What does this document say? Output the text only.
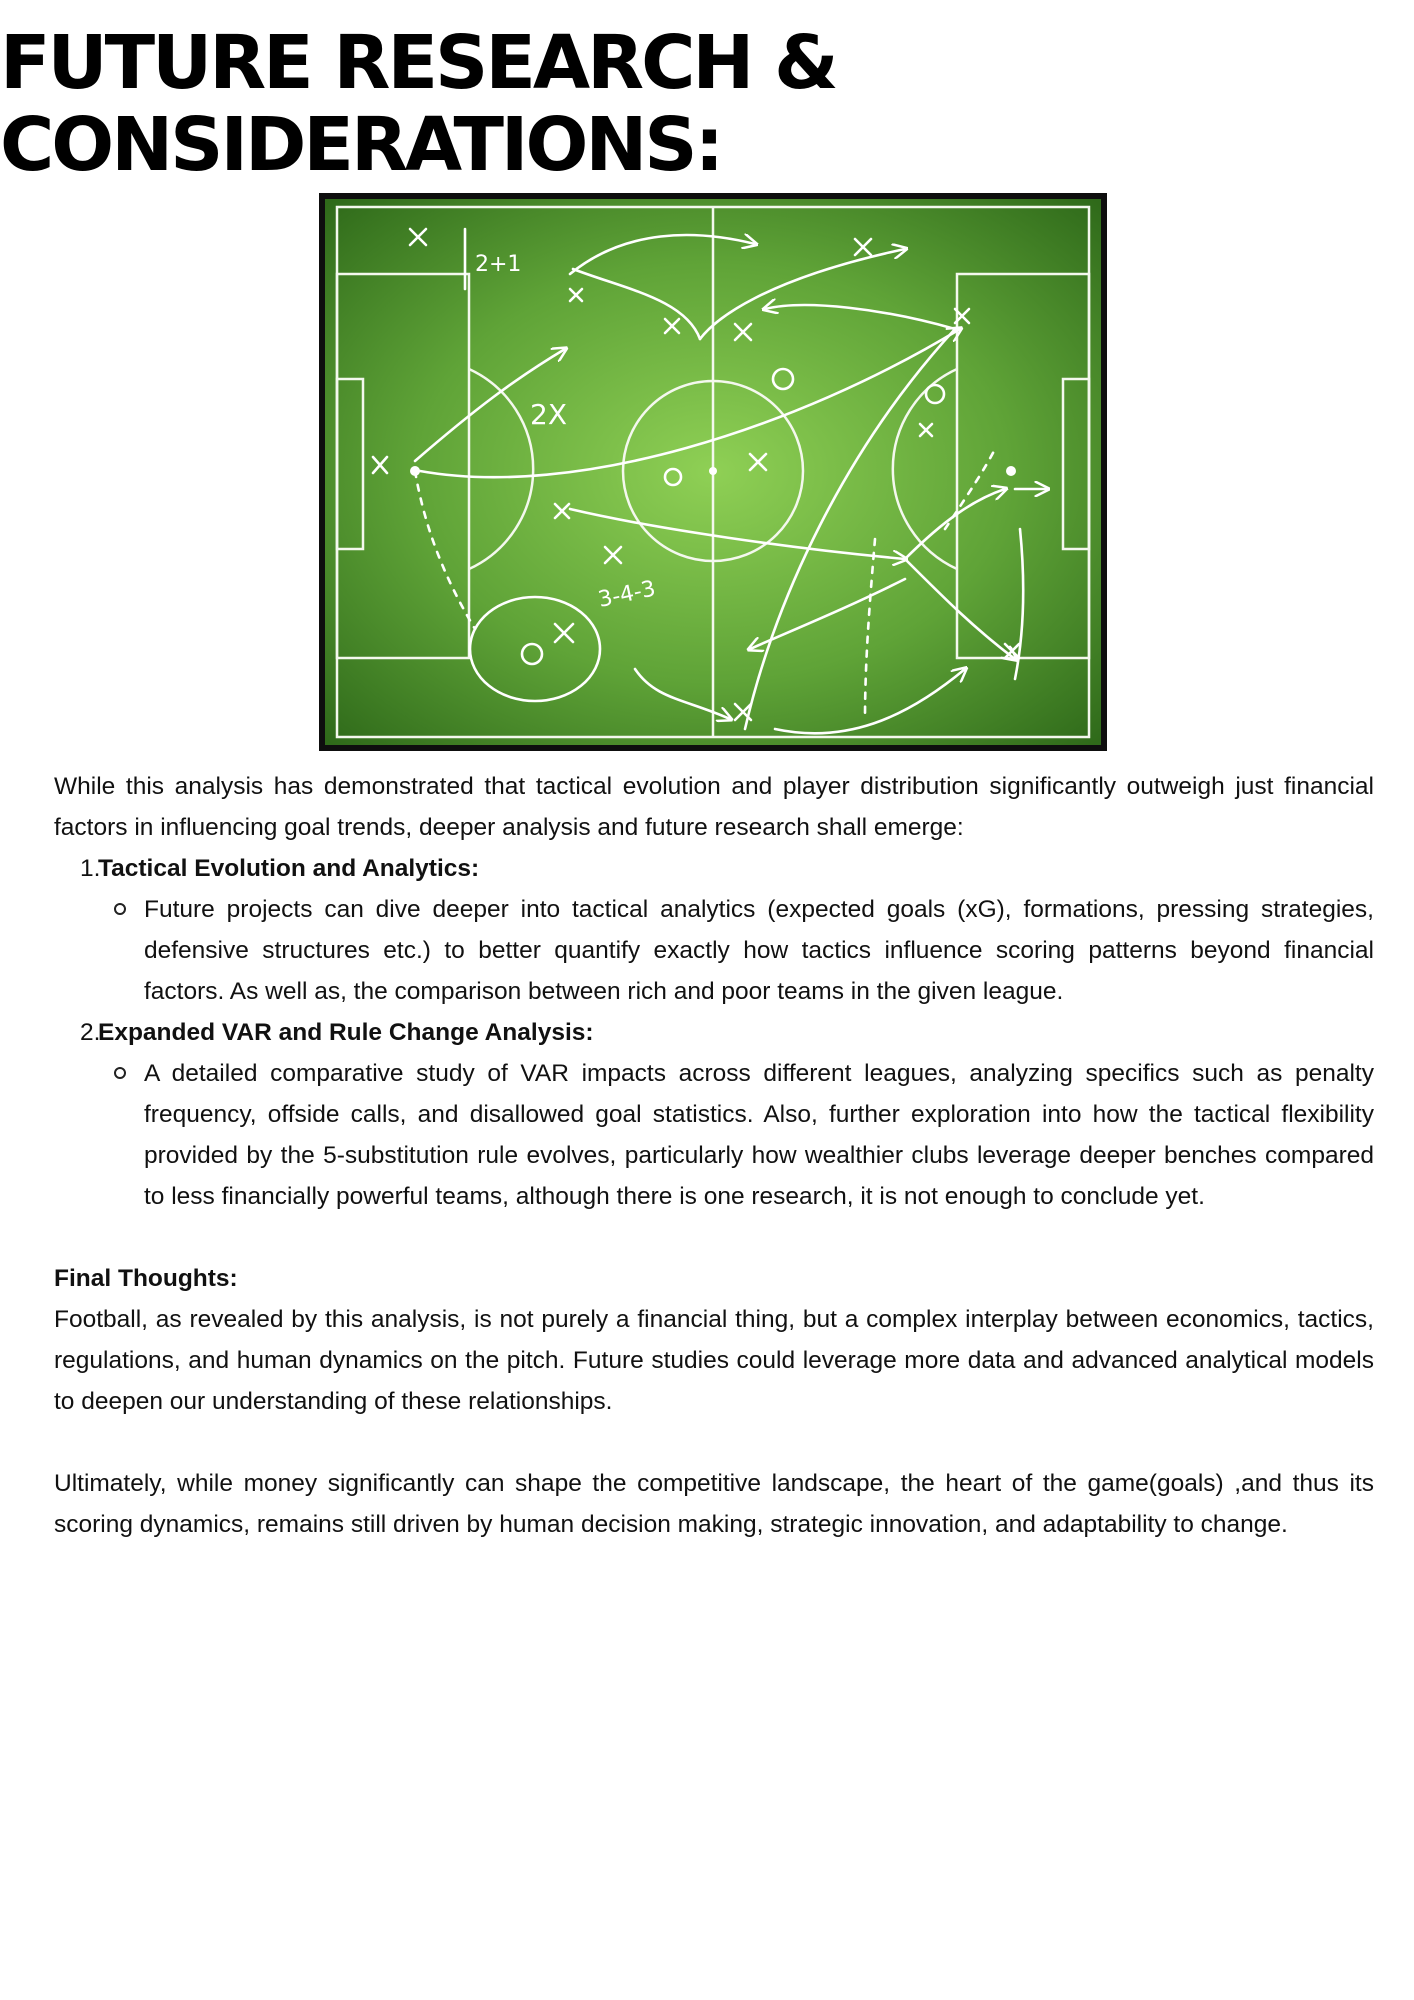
FUTURE RESEARCH &
CONSIDERATIONS:
2+1
2X
3-4-3

While this analysis has demonstrated that tactical evolution and player distribution significantly outweigh just financial factors in influencing goal trends, deeper analysis and future research shall emerge:

1.
Tactical Evolution and Analytics:
Future projects can dive deeper into tactical analytics (expected goals (xG), formations, pressing strategies, defensive structures etc.) to better quantify exactly how tactics influence scoring patterns beyond financial factors. As well as, the comparison between rich and poor teams in the given league.
2.
Expanded VAR and Rule Change Analysis:
A detailed comparative study of VAR impacts across different leagues, analyzing specifics such as penalty frequency, offside calls, and disallowed goal statistics. Also, further exploration into how the tactical flexibility provided by the 5-substitution rule evolves, particularly how wealthier clubs leverage deeper benches compared to less financially powerful teams, although there is one research, it is not enough to conclude yet.

Final Thoughts:

Football, as revealed by this analysis, is not purely a financial thing, but a complex interplay between economics, tactics, regulations, and human dynamics on the pitch. Future studies could leverage more data and advanced analytical models to deepen our understanding of these relationships.

Ultimately, while money significantly can shape the competitive landscape, the heart of the game(goals) ,and thus its scoring dynamics, remains still driven by human decision making, strategic innovation, and adaptability to change.
